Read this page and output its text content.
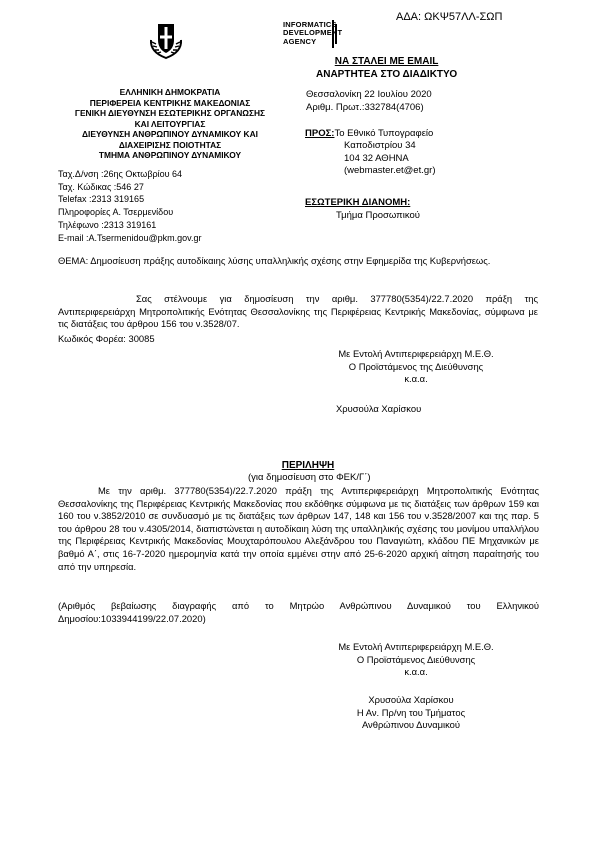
ΑΔΑ: ΩΚΨ57ΛΛ-ΣΩΠ
INFORMATICS
DEVELOPMENT
AGENCY
ΝΑ ΣΤΑΛΕΙ ΜΕ EMAIL
ΑΝΑΡΤΗΤΕΑ ΣΤΟ ΔΙΑΔΙΚΤΥΟ
ΕΛΛΗΝΙΚΗ ΔΗΜΟΚΡΑΤΙΑ
ΠΕΡΙΦΕΡΕΙΑ ΚΕΝΤΡΙΚΗΣ ΜΑΚΕΔΟΝΙΑΣ
ΓΕΝΙΚΗ ΔΙΕΥΘΥΝΣΗ ΕΣΩΤΕΡΙΚΗΣ ΟΡΓΑΝΩΣΗΣ
ΚΑΙ ΛΕΙΤΟΥΡΓΙΑΣ
ΔΙΕΥΘΥΝΣΗ ΑΝΘΡΩΠΙΝΟΥ ΔΥΝΑΜΙΚΟΥ ΚΑΙ
ΔΙΑΧΕΙΡΙΣΗΣ ΠΟΙΟΤΗΤΑΣ
ΤΜΗΜΑ ΑΝΘΡΩΠΙΝΟΥ ΔΥΝΑΜΙΚΟΥ
Θεσσαλονίκη 22 Ιουλίου 2020
Αριθμ. Πρωτ.:332784(4706)
Ταχ.Δ/νση :26ης Οκτωβρίου 64
Ταχ. Κώδικας :546 27
Telefax :2313 319165
Πληροφορίες Α. Τσερμενίδου
Τηλέφωνο :2313 319161
E-mail :A.Tsermenidou@pkm.gov.gr
ΠΡΟΣ:Το Εθνικό Τυπογραφείο
Καποδιστρίου 34
104 32 ΑΘΗΝΑ
(webmaster.et@et.gr)
ΕΣΩΤΕΡΙΚΗ ΔΙΑΝΟΜΗ:
Τμήμα Προσωπικού
ΘΕΜΑ: Δημοσίευση πράξης αυτοδίκαιης λύσης υπαλληλικής σχέσης στην Εφημερίδα της Κυβερνήσεως.
Σας στέλνουμε για δημοσίευση την αριθμ. 377780(5354)/22.7.2020 πράξη της Αντιπεριφερειάρχη Μητροπολιτικής Ενότητας Θεσσαλονίκης της Περιφέρειας Κεντρικής Μακεδονίας, σύμφωνα με τις διατάξεις του άρθρου 156 του ν.3528/07.
Κωδικός Φορέα: 30085
Με Εντολή Αντιπεριφερειάρχη Μ.Ε.Θ.
Ο Προϊστάμενος της Διεύθυνσης
κ.α.α.
Χρυσούλα Χαρίσκου
ΠΕΡΙΛΗΨΗ
(για δημοσίευση στο ΦΕΚ/Γ΄)
Με την αριθμ. 377780(5354)/22.7.2020 πράξη της Αντιπεριφερειάρχη Μητροπολιτικής Ενότητας Θεσσαλονίκης της Περιφέρειας Κεντρικής Μακεδονίας που εκδόθηκε σύμφωνα με τις διατάξεις των άρθρων 159 και 160 του ν.3852/2010 σε συνδυασμό με τις διατάξεις των άρθρων 147, 148 και 156 του ν.3528/2007 και της παρ. 5 του άρθρου 28 του ν.4305/2014, διαπιστώνεται η αυτοδίκαιη λύση της υπαλληλικής σχέσης του μονίμου υπαλλήλου της Περιφέρειας Κεντρικής Μακεδονίας Μουχταρόπουλου Αλεξάνδρου του Παναγιώτη, κλάδου ΠΕ Μηχανικών με βαθμό Α΄, στις 16-7-2020 ημερομηνία κατά την οποία εμμένει στην από 25-6-2020 αρχική αίτηση παραίτησής του από την υπηρεσία.
(Αριθμός βεβαίωσης διαγραφής από το Μητρώο Ανθρώπινου Δυναμικού του Ελληνικού Δημοσίου:1033944199/22.07.2020)
Με Εντολή Αντιπεριφερειάρχη Μ.Ε.Θ.
Ο Προϊστάμενος Διεύθυνσης
κ.α.α.
Χρυσούλα Χαρίσκου
Η Αν. Πρ/νη του Τμήματος
Ανθρώπινου Δυναμικού
